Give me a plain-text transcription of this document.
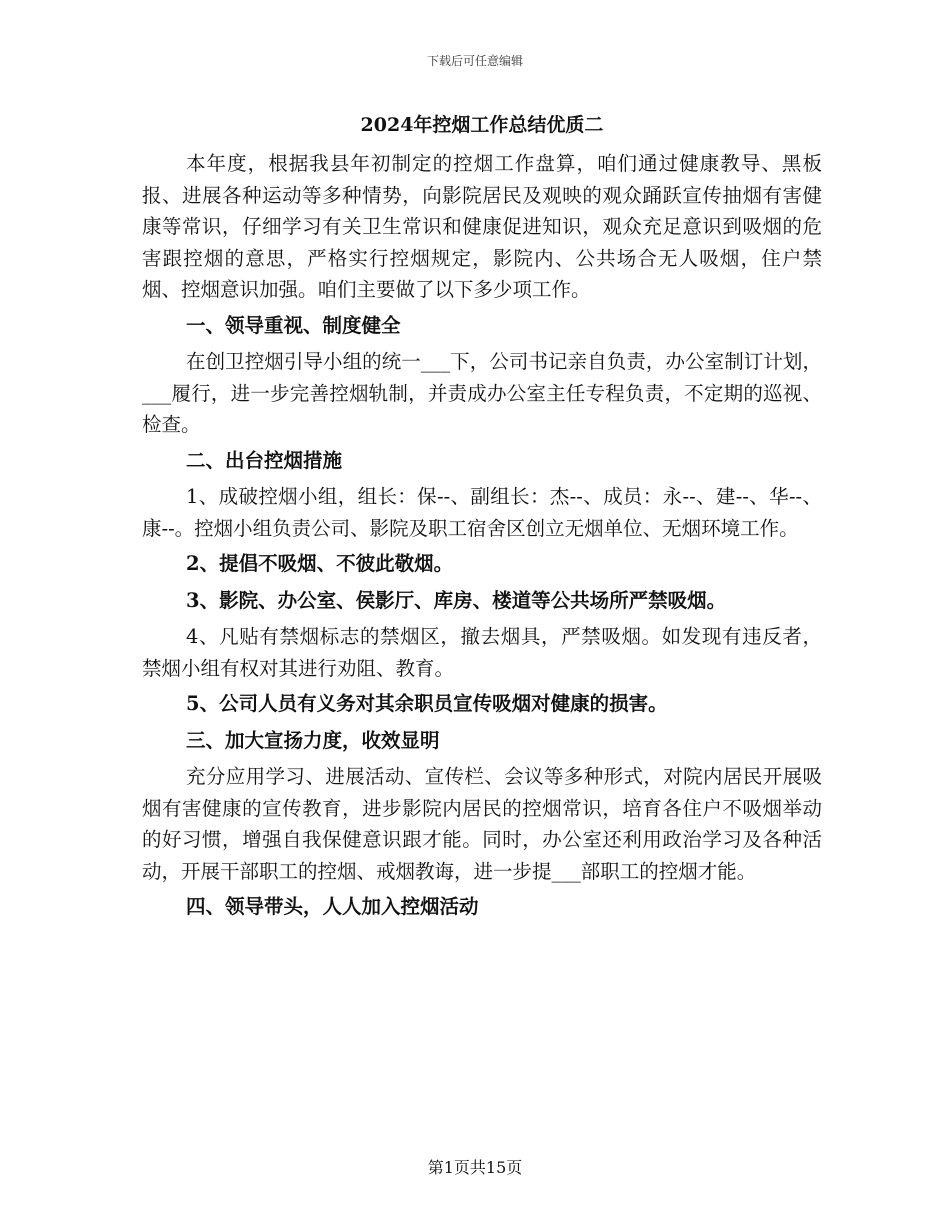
下载后可任意编辑
2024年控烟工作总结优质二

本年度，根据我县年初制定的控烟工作盘算，咱们通过健康教导、黑板报、进展各种运动等多种情势，向影院居民及观映的观众踊跃宣传抽烟有害健康等常识，仔细学习有关卫生常识和健康促进知识，观众充足意识到吸烟的危害跟控烟的意思，严格实行控烟规定，影院内、公共场合无人吸烟，住户禁烟、控烟意识加强。咱们主要做了以下多少项工作。

一、领导重视、制度健全

在创卫控烟引导小组的统一___下，公司书记亲自负责，办公室制订计划，___履行，进一步完善控烟轨制，并责成办公室主任专程负责，不定期的巡视、检查。

二、出台控烟措施

1、成破控烟小组，组长：保--、副组长：杰--、成员：永--、建--、华--、康--。控烟小组负责公司、影院及职工宿舍区创立无烟单位、无烟环境工作。

2、提倡不吸烟、不彼此敬烟。

3、影院、办公室、侯影厅、库房、楼道等公共场所严禁吸烟。

4、凡贴有禁烟标志的禁烟区，撤去烟具，严禁吸烟。如发现有违反者，禁烟小组有权对其进行劝阻、教育。

5、公司人员有义务对其余职员宣传吸烟对健康的损害。

三、加大宣扬力度，收效显明

充分应用学习、进展活动、宣传栏、会议等多种形式，对院内居民开展吸烟有害健康的宣传教育，进步影院内居民的控烟常识，培育各住户不吸烟举动的好习惯，增强自我保健意识跟才能。同时，办公室还利用政治学习及各种活动，开展干部职工的控烟、戒烟教诲，进一步提___部职工的控烟才能。

四、领导带头，人人加入控烟活动

第1页共15页
